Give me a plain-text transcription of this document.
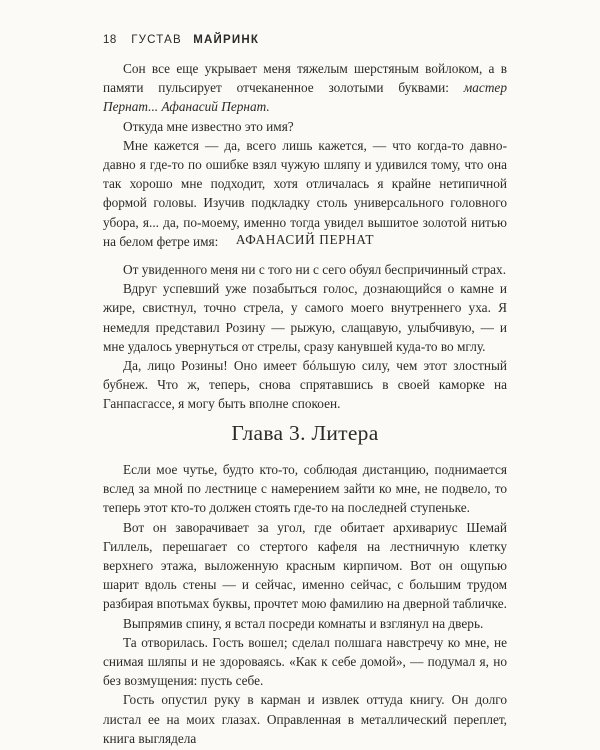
18 ГУСТАВ МАЙРИНК

Сон все еще укрывает меня тяжелым шерстяным войлоком, а в памяти пульсирует отчеканенное золотыми буквами: мастер Пернат... Афанасий Пернат.

Откуда мне известно это имя?

Мне кажется — да, всего лишь кажется, — что когда-то давно-давно я где-то по ошибке взял чужую шляпу и удивился тому, что она так хорошо мне подходит, хотя отличалась я крайне нетипичной формой головы. Изучив подкладку столь универсального головного убора, я... да, по-моему, именно тогда увидел вышитое золотой нитью на белом фетре имя:	АФАНАСИЙ ПЕРНАТ

От увиденного меня ни с того ни с сего обуял беспричинный страх.

Вдруг успевший уже позабыться голос, дознающийся о камне и жире, свистнул, точно стрела, у самого моего внутреннего уха. Я немедля представил Розину — рыжую, слащавую, улыбчивую, — и мне удалось увернуться от стрелы, сразу канувшей куда-то во мглу.

Да, лицо Розины! Оно имеет бóльшую силу, чем этот злостный бубнеж. Что ж, теперь, снова спрятавшись в своей каморке на Ганпасгассе, я могу быть вполне спокоен.

Глава 3. Литера

Если мое чутье, будто кто-то, соблюдая дистанцию, поднимается вслед за мной по лестнице с намерением зайти ко мне, не подвело, то теперь этот кто-то должен стоять где-то на последней ступеньке.

Вот он заворачивает за угол, где обитает архивариус Шемай Гиллель, перешагает со стертого кафеля на лестничную клетку верхнего этажа, выложенную красным кирпичом. Вот он ощупью шарит вдоль стены — и сейчас, именно сейчас, с большим трудом разбирая впотьмах буквы, прочтет мою фамилию на дверной табличке.

Выпрямив спину, я встал посреди комнаты и взглянул на дверь.

Та отворилась. Гость вошел; сделал полшага навстречу ко мне, не снимая шляпы и не здороваясь. «Как к себе домой», — подумал я, но без возмущения: пусть себе.

Гость опустил руку в карман и извлек оттуда книгу. Он долго листал ее на моих глазах. Оправленная в металлический переплет, книга выглядела
